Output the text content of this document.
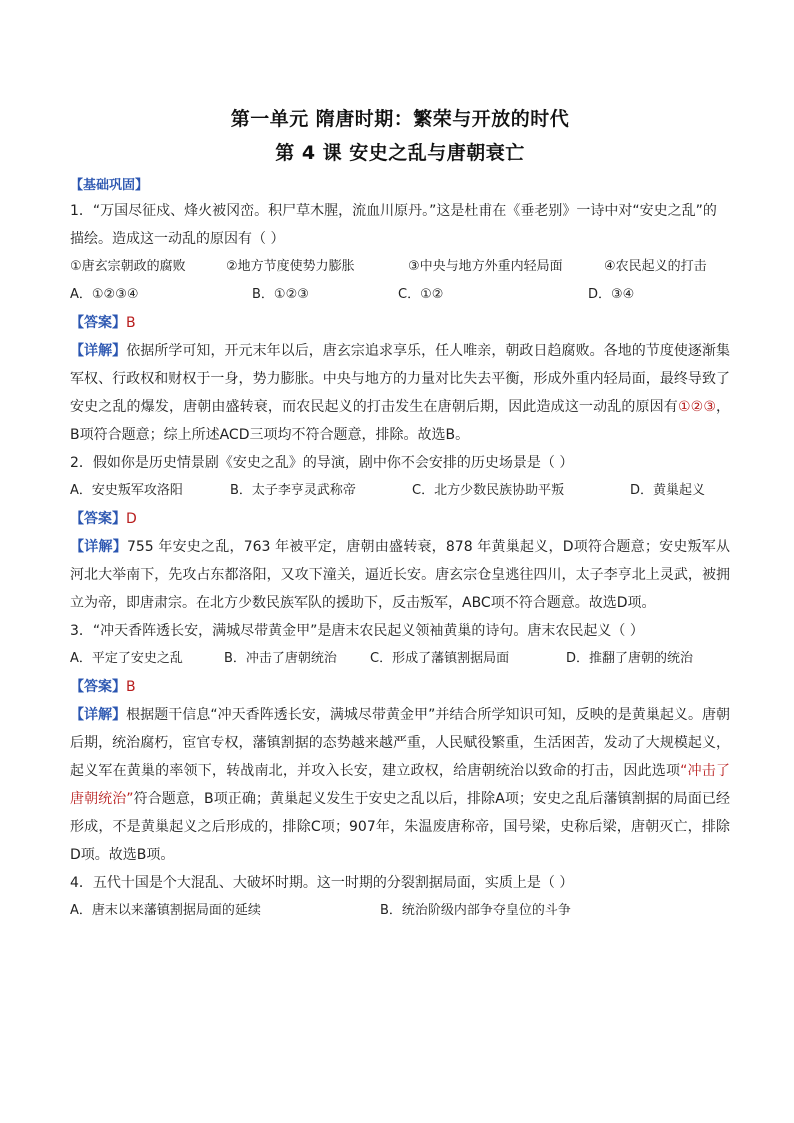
第一单元 隋唐时期：繁荣与开放的时代
第 4 课 安史之乱与唐朝衰亡
【基础巩固】
1．“万国尽征戍、烽火被冈峦。积尸草木腥，流血川原丹。”这是杜甫在《垂老别》一诗中对“安史之乱”的描绘。造成这一动乱的原因有（ ）
①唐玄宗朝政的腐败	②地方节度使势力膨胀	③中央与地方外重内轻局面	④农民起义的打击
A．①②③④	B．①②③	C．①②	D．③④
【答案】B
【详解】依据所学可知，开元末年以后，唐玄宗追求享乐，任人唯亲，朝政日趋腐败。各地的节度使逐渐集军权、行政权和财权于一身，势力膨胀。中央与地方的力量对比失去平衡，形成外重内轻局面，最终导致了安史之乱的爆发，唐朝由盛转衰，而农民起义的打击发生在唐朝后期，因此造成这一动乱的原因有①②③，B项符合题意；综上所述ACD三项均不符合题意，排除。故选B。
2．假如你是历史情景剧《安史之乱》的导演，剧中你不会安排的历史场景是（ ）
A．安史叛军攻洛阳	B．太子李亨灵武称帝	C．北方少数民族协助平叛	D．黄巢起义
【答案】D
【详解】755 年安史之乱，763 年被平定，唐朝由盛转衰，878 年黄巢起义，D项符合题意；安史叛军从河北大举南下，先攻占东都洛阳，又攻下潼关，逼近长安。唐玄宗仓皇逃往四川，太子李亨北上灵武，被拥立为帝，即唐肃宗。在北方少数民族军队的援助下，反击叛军，ABC项不符合题意。故选D项。
3．“冲天香阵透长安，满城尽带黄金甲”是唐末农民起义领袖黄巢的诗句。唐末农民起义（ ）
A．平定了安史之乱	B．冲击了唐朝统治	C．形成了藩镇割据局面	D．推翻了唐朝的统治
【答案】B
【详解】根据题干信息“冲天香阵透长安，满城尽带黄金甲”并结合所学知识可知，反映的是黄巢起义。唐朝后期，统治腐朽，宦官专权，藩镇割据的态势越来越严重，人民赋役繁重，生活困苦，发动了大规模起义，起义军在黄巢的率领下，转战南北，并攻入长安，建立政权，给唐朝统治以致命的打击，因此选项“冲击了唐朝统治”符合题意，B项正确；黄巢起义发生于安史之乱以后，排除A项；安史之乱后藩镇割据的局面已经形成，不是黄巢起义之后形成的，排除C项；907年，朱温废唐称帝，国号梁，史称后梁，唐朝灭亡，排除D项。故选B项。
4．五代十国是个大混乱、大破坏时期。这一时期的分裂割据局面，实质上是（ ）
A．唐末以来藩镇割据局面的延续	B．统治阶级内部争夺皇位的斗争
